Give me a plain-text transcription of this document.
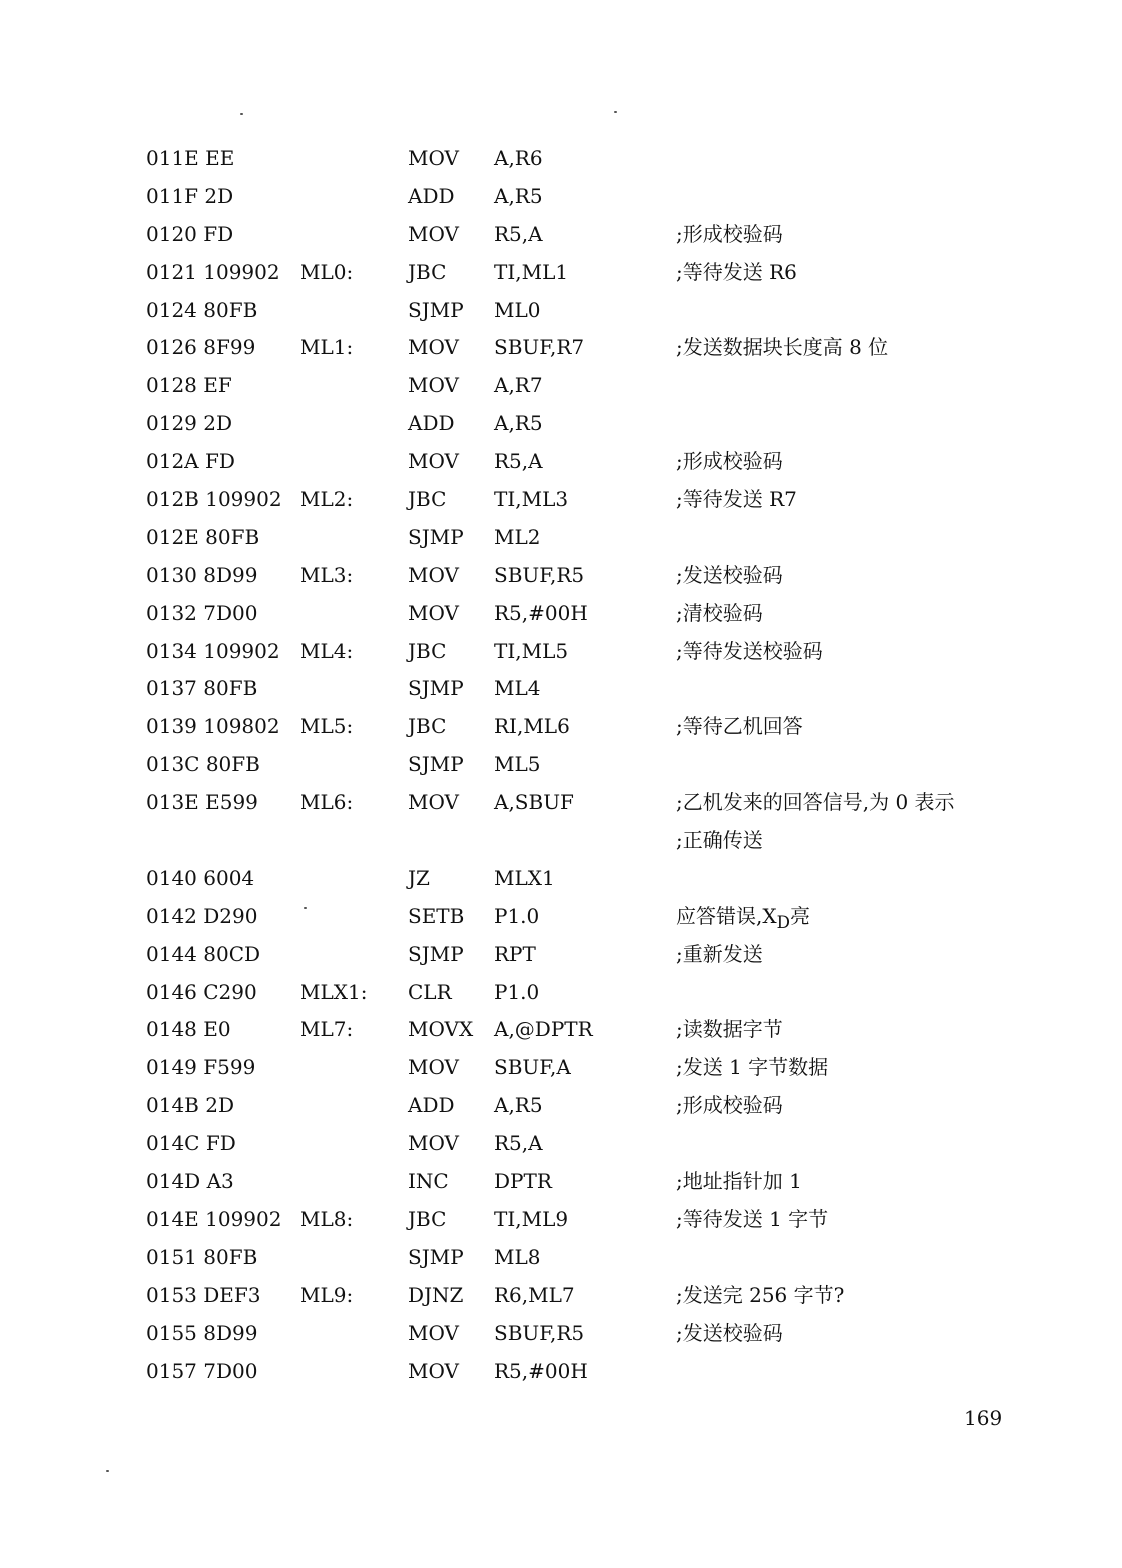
011E EE	MOV A,R6
011F 2D	ADD A,R5
0120 FD	MOV R5,A	;形成校验码
0121 109902 ML0:	JBC TI,ML1	;等待发送 R6
0124 80FB	SJMP ML0
0126 8F99 ML1:	MOV SBUF,R7	;发送数据块长度高 8 位
0128 EF	MOV A,R7
0129 2D	ADD A,R5
012A FD	MOV R5,A	;形成校验码
012B 109902 ML2:	JBC TI,ML3	;等待发送 R7
012E 80FB	SJMP ML2
0130 8D99 ML3:	MOV SBUF,R5	;发送校验码
0132 7D00	MOV R5,#00H	;清校验码
0134 109902 ML4:	JBC TI,ML5	;等待发送校验码
0137 80FB	SJMP ML4
0139 109802 ML5:	JBC RI,ML6	;等待乙机回答
013C 80FB	SJMP ML5
013E E599 ML6:	MOV A,SBUF	;乙机发来的回答信号,为 0 表示
;正确传送
0140 6004	JZ	MLX1
0142 D290	SETB P1.0	应答错误$,X_D$亮
0144 80CD	SJMP RPT	;重新发送
0146 C290 MLX1: CLR P1.0
0148 E0	ML7:	MOVX A,@DPTR	;读数据字节
0149 F599	MOV SBUF,A	;发送 1 字节数据
014B 2D	ADD A,R5	;形成校验码
014C FD	MOV R5,A
014D A3	INC DPTR	;地址指针加 1
014E 109902 ML8:	JBC TI,ML9	;等待发送 1 字节
0151 80FB	SJMP ML8
0153 DEF3 ML9:	DJNZ R6,ML7	;发送完 256 字节?
0155 8D99	MOV SBUF,R5	;发送校验码
0157 7D00	MOV R5,#00H
169
